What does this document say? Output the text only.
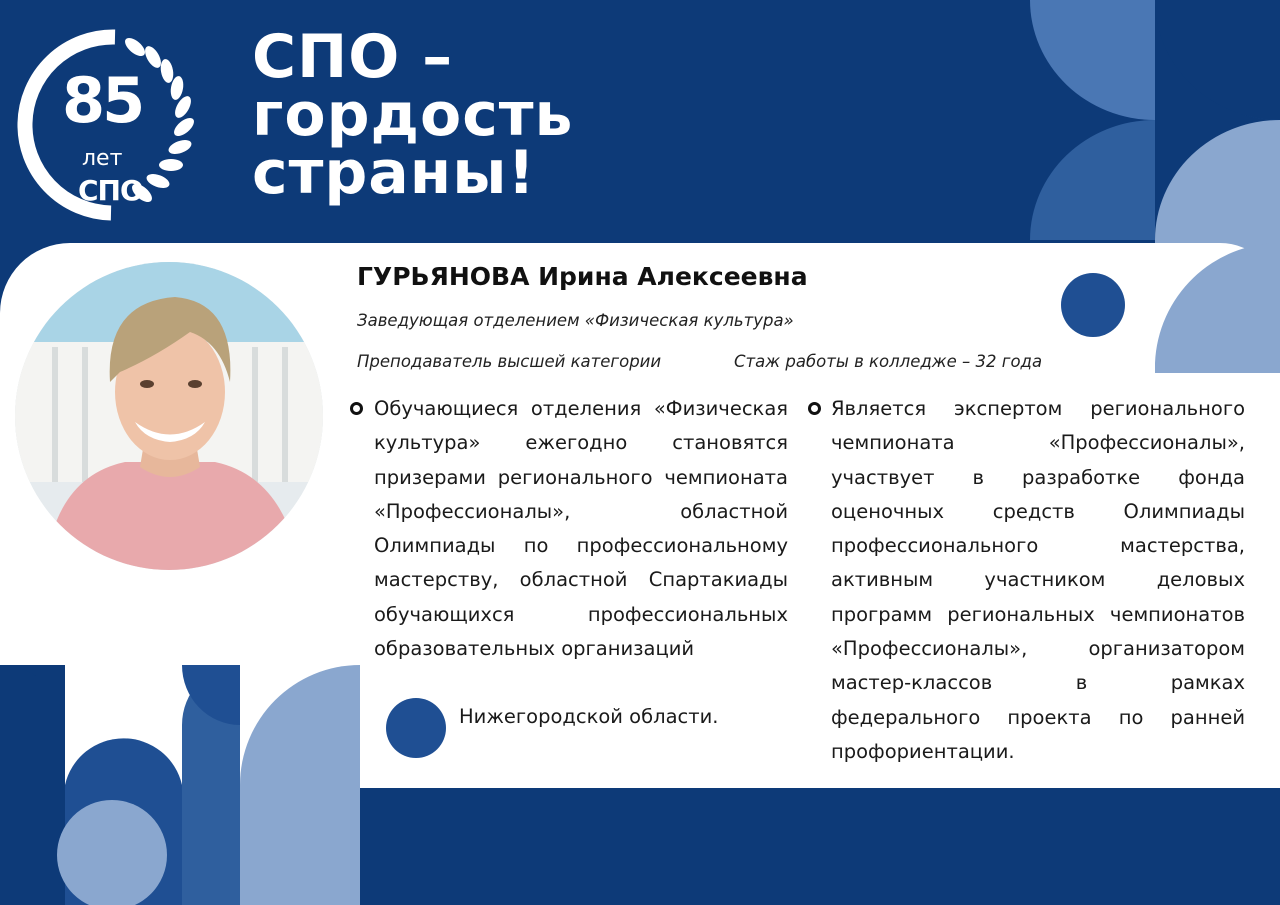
85
лет
СПО
СПО –
гордость
страны!
ГУРЬЯНОВА Ирина Алексеевна
Заведующая отделением «Физическая культура»
Преподаватель высшей категории	Стаж работы в колледже – 32 года
Обучающиеся отделения «Физическая культура» ежегодно становятся призерами регионального чемпионата «Профессионалы», областной Олимпиады по профессиональному мастерству, областной Спартакиады обучающихся профессиональных образовательных организаций
Нижегородской области.
Является экспертом регионального чемпионата «Профессионалы», участвует в разработке фонда оценочных средств Олимпиады профессионального мастерства, активным участником деловых программ региональных чемпионатов «Профессионалы», организатором мастер-классов в рамках федерального проекта по ранней профориентации.
